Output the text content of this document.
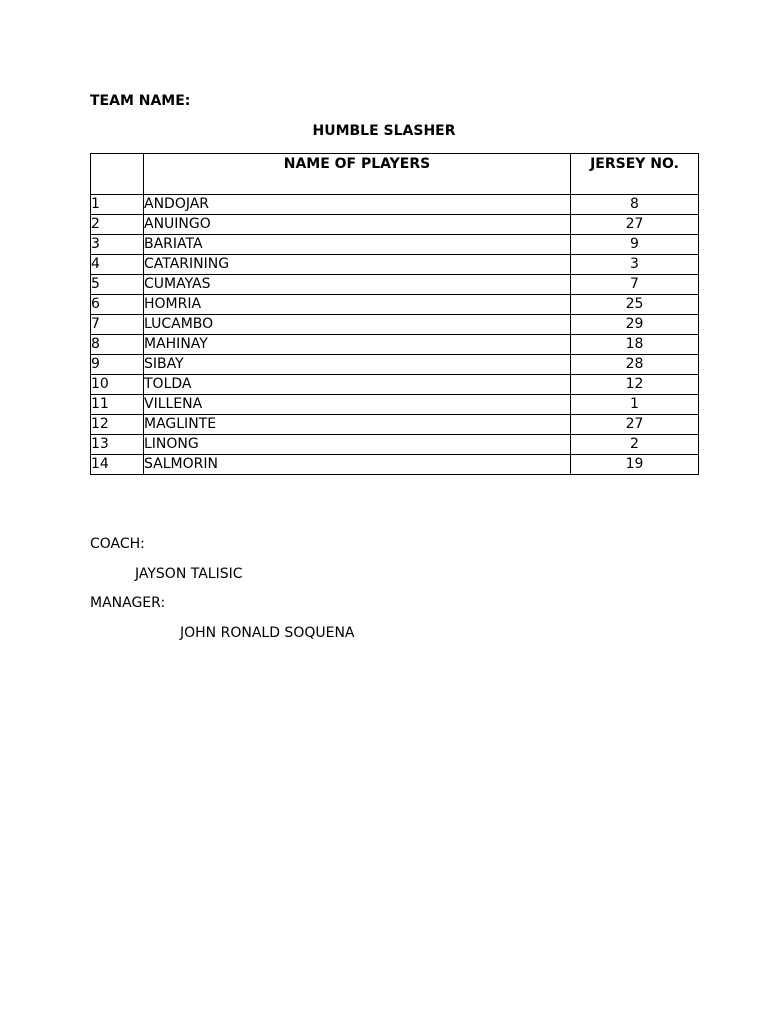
TEAM NAME:
HUMBLE SLASHER
	NAME OF PLAYERS	JERSEY NO.
1	ANDOJAR	8
2	ANUINGO	27
3	BARIATA	9
4	CATARINING	3
5	CUMAYAS	7
6	HOMRIA	25
7	LUCAMBO	29
8	MAHINAY	18
9	SIBAY	28
10	TOLDA	12
11	VILLENA	1
12	MAGLINTE	27
13	LINONG	2
14	SALMORIN	19
COACH:
JAYSON TALISIC
MANAGER:
JOHN RONALD SOQUENA
